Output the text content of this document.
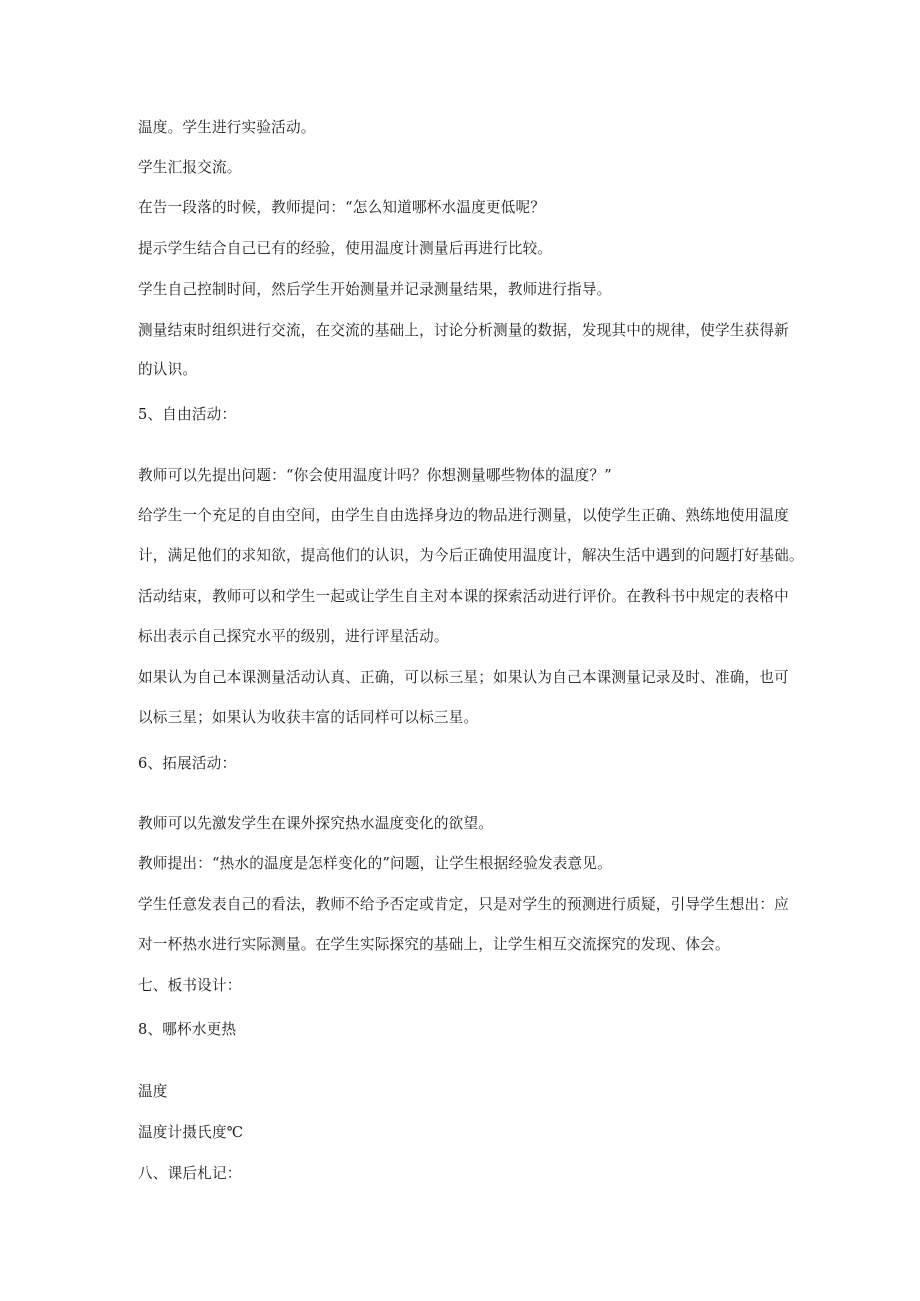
温度。学生进行实验活动。
学生汇报交流。
在告一段落的时候，教师提问：“怎么知道哪杯水温度更低呢？
提示学生结合自己已有的经验，使用温度计测量后再进行比较。
学生自己控制时间，然后学生开始测量并记录测量结果，教师进行指导。
测量结束时组织进行交流，在交流的基础上，讨论分析测量的数据，发现其中的规律，使学生获得新
的认识。
5、自由活动：
教师可以先提出问题：“你会使用温度计吗？你想测量哪些物体的温度？”
给学生一个充足的自由空间，由学生自由选择身边的物品进行测量，以使学生正确、熟练地使用温度
计，满足他们的求知欲，提高他们的认识，为今后正确使用温度计，解决生活中遇到的问题打好基础。
活动结束，教师可以和学生一起或让学生自主对本课的探索活动进行评价。在教科书中规定的表格中
标出表示自己探究水平的级别，进行评星活动。
如果认为自己本课测量活动认真、正确，可以标三星；如果认为自己本课测量记录及时、准确，也可
以标三星；如果认为收获丰富的话同样可以标三星。
6、拓展活动：
教师可以先激发学生在课外探究热水温度变化的欲望。
教师提出：“热水的温度是怎样变化的”问题，让学生根据经验发表意见。
学生任意发表自己的看法，教师不给予否定或肯定，只是对学生的预测进行质疑，引导学生想出：应
对一杯热水进行实际测量。在学生实际探究的基础上，让学生相互交流探究的发现、体会。
七、板书设计：
8、哪杯水更热
温度
温度计摄氏度℃
八、课后札记：
